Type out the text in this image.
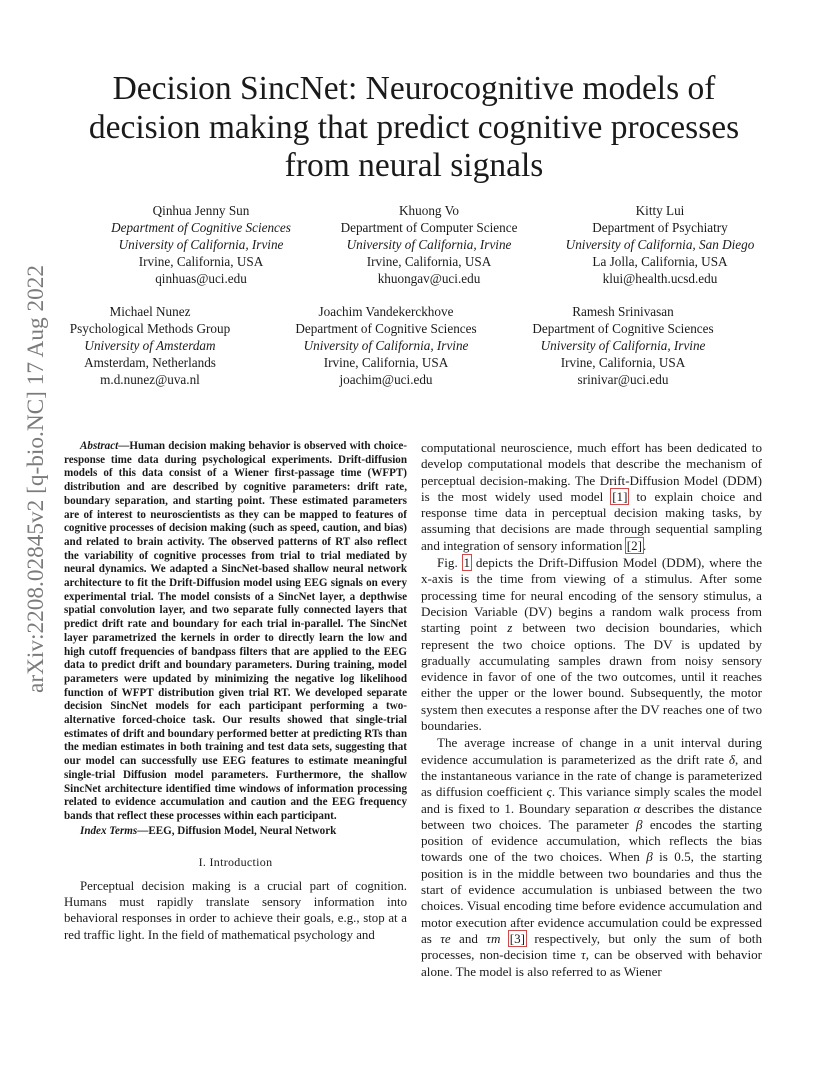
arXiv:2208.02845v2 [q-bio.NC] 17 Aug 2022
Decision SincNet: Neurocognitive models of
decision making that predict cognitive processes
from neural signals
Qinhua Jenny Sun
Department of Cognitive Sciences
University of California, Irvine
Irvine, California, USA
qinhuas@uci.edu
Khuong Vo
Department of Computer Science
University of California, Irvine
Irvine, California, USA
khuongav@uci.edu
Kitty Lui
Department of Psychiatry
University of California, San Diego
La Jolla, California, USA
klui@health.ucsd.edu
Michael Nunez
Psychological Methods Group
University of Amsterdam
Amsterdam, Netherlands
m.d.nunez@uva.nl
Joachim Vandekerckhove
Department of Cognitive Sciences
University of California, Irvine
Irvine, California, USA
joachim@uci.edu
Ramesh Srinivasan
Department of Cognitive Sciences
University of California, Irvine
Irvine, California, USA
srinivar@uci.edu

Abstract—Human decision making behavior is observed with choice-response time data during psychological experiments. Drift-diffusion models of this data consist of a Wiener first-passage time (WFPT) distribution and are described by cognitive parameters: drift rate, boundary separation, and starting point. These estimated parameters are of interest to neuroscientists as they can be mapped to features of cognitive processes of decision making (such as speed, caution, and bias) and related to brain activity. The observed patterns of RT also reflect the variability of cognitive processes from trial to trial mediated by neural dynamics. We adapted a SincNet-based shallow neural network architecture to fit the Drift-Diffusion model using EEG signals on every experimental trial. The model consists of a SincNet layer, a depthwise spatial convolution layer, and two separate fully connected layers that predict drift rate and boundary for each trial in-parallel. The SincNet layer parametrized the kernels in order to directly learn the low and high cutoff frequencies of bandpass filters that are applied to the EEG data to predict drift and boundary parameters. During training, model parameters were updated by minimizing the negative log likelihood function of WFPT distribution given trial RT. We developed separate decision SincNet models for each participant performing a two-alternative forced-choice task. Our results showed that single-trial estimates of drift and boundary performed better at predicting RTs than the median estimates in both training and test data sets, suggesting that our model can successfully use EEG features to estimate meaningful single-trial Diffusion model parameters. Furthermore, the shallow SincNet architecture identified time windows of information processing related to evidence accumulation and caution and the EEG frequency bands that reflect these processes within each participant.

Index Terms—EEG, Diffusion Model, Neural Network

I. Introduction

Perceptual decision making is a crucial part of cognition. Humans must rapidly translate sensory information into behavioral responses in order to achieve their goals, e.g., stop at a red traffic light. In the field of mathematical psychology and

computational neuroscience, much effort has been dedicated to develop computational models that describe the mechanism of perceptual decision-making. The Drift-Diffusion Model (DDM) is the most widely used model [1] to explain choice and response time data in perceptual decision making tasks, by assuming that decisions are made through sequential sampling and integration of sensory information [2].

Fig. 1 depicts the Drift-Diffusion Model (DDM), where the x-axis is the time from viewing of a stimulus. After some processing time for neural encoding of the sensory stimulus, a Decision Variable (DV) begins a random walk process from starting point z between two decision boundaries, which represent the two choice options. The DV is updated by gradually accumulating samples drawn from noisy sensory evidence in favor of one of the two outcomes, until it reaches either the upper or the lower bound. Subsequently, the motor system then executes a response after the DV reaches one of two boundaries.

The average increase of change in a unit interval during evidence accumulation is parameterized as the drift rate δ, and the instantaneous variance in the rate of change is parameterized as diffusion coefficient ς. This variance simply scales the model and is fixed to 1. Boundary separation α describes the distance between two choices. The parameter β encodes the starting position of evidence accumulation, which reflects the bias towards one of the two choices. When β is 0.5, the starting position is in the middle between two boundaries and thus the start of evidence accumulation is unbiased between the two choices. Visual encoding time before evidence accumulation and motor execution after evidence accumulation could be expressed as τe and τm [3] respectively, but only the sum of both processes, non-decision time τ, can be observed with behavior alone. The model is also referred to as Wiener
